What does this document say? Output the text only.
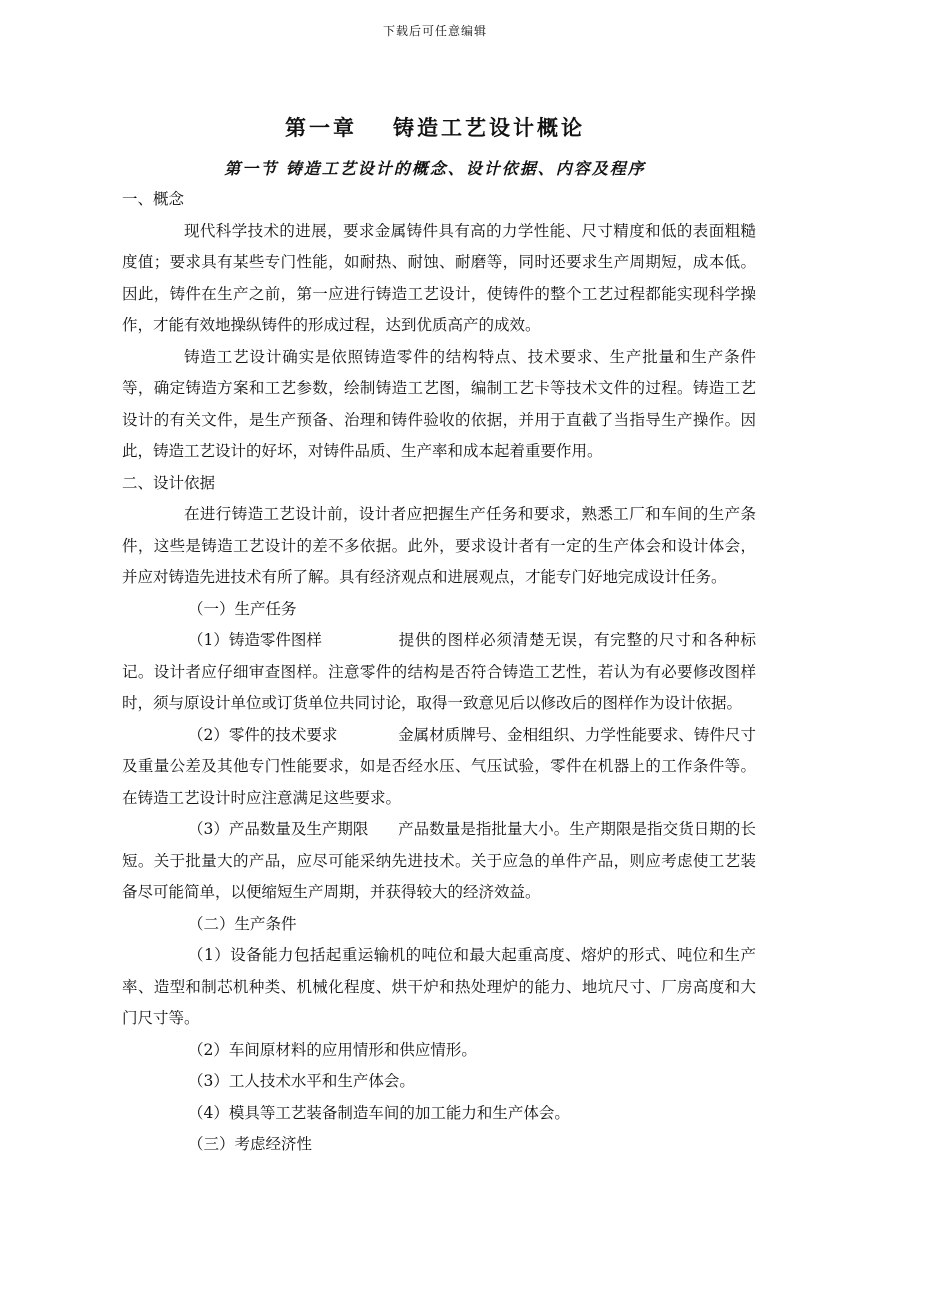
下载后可任意编辑
第一章 铸造工艺设计概论
第一节 铸造工艺设计的概念、设计依据、内容及程序

一、概念

现代科学技术的进展，要求金属铸件具有高的力学性能、尺寸精度和低的表面粗糙度值；要求具有某些专门性能，如耐热、耐蚀、耐磨等，同时还要求生产周期短，成本低。因此，铸件在生产之前，第一应进行铸造工艺设计，使铸件的整个工艺过程都能实现科学操作，才能有效地操纵铸件的形成过程，达到优质高产的成效。

铸造工艺设计确实是依照铸造零件的结构特点、技术要求、生产批量和生产条件等，确定铸造方案和工艺参数，绘制铸造工艺图，编制工艺卡等技术文件的过程。铸造工艺设计的有关文件，是生产预备、治理和铸件验收的依据，并用于直截了当指导生产操作。因此，铸造工艺设计的好坏，对铸件品质、生产率和成本起着重要作用。

二、设计依据

在进行铸造工艺设计前，设计者应把握生产任务和要求，熟悉工厂和车间的生产条件，这些是铸造工艺设计的差不多依据。此外，要求设计者有一定的生产体会和设计体会，并应对铸造先进技术有所了解。具有经济观点和进展观点，才能专门好地完成设计任务。

（一）生产任务

（1）铸造零件图样	提供的图样必须清楚无误，有完整的尺寸和各种标记。设计者应仔细审查图样。注意零件的结构是否符合铸造工艺性，若认为有必要修改图样时，须与原设计单位或订货单位共同讨论，取得一致意见后以修改后的图样作为设计依据。

（2）零件的技术要求	金属材质牌号、金相组织、力学性能要求、铸件尺寸及重量公差及其他专门性能要求，如是否经水压、气压试验，零件在机器上的工作条件等。在铸造工艺设计时应注意满足这些要求。

（3）产品数量及生产期限 产品数量是指批量大小。生产期限是指交货日期的长短。关于批量大的产品，应尽可能采纳先进技术。关于应急的单件产品，则应考虑使工艺装备尽可能简单，以便缩短生产周期，并获得较大的经济效益。

（二）生产条件

（1）设备能力包括起重运输机的吨位和最大起重高度、熔炉的形式、吨位和生产率、造型和制芯机种类、机械化程度、烘干炉和热处理炉的能力、地坑尺寸、厂房高度和大门尺寸等。

（2）车间原材料的应用情形和供应情形。

（3）工人技术水平和生产体会。

（4）模具等工艺装备制造车间的加工能力和生产体会。

（三）考虑经济性
